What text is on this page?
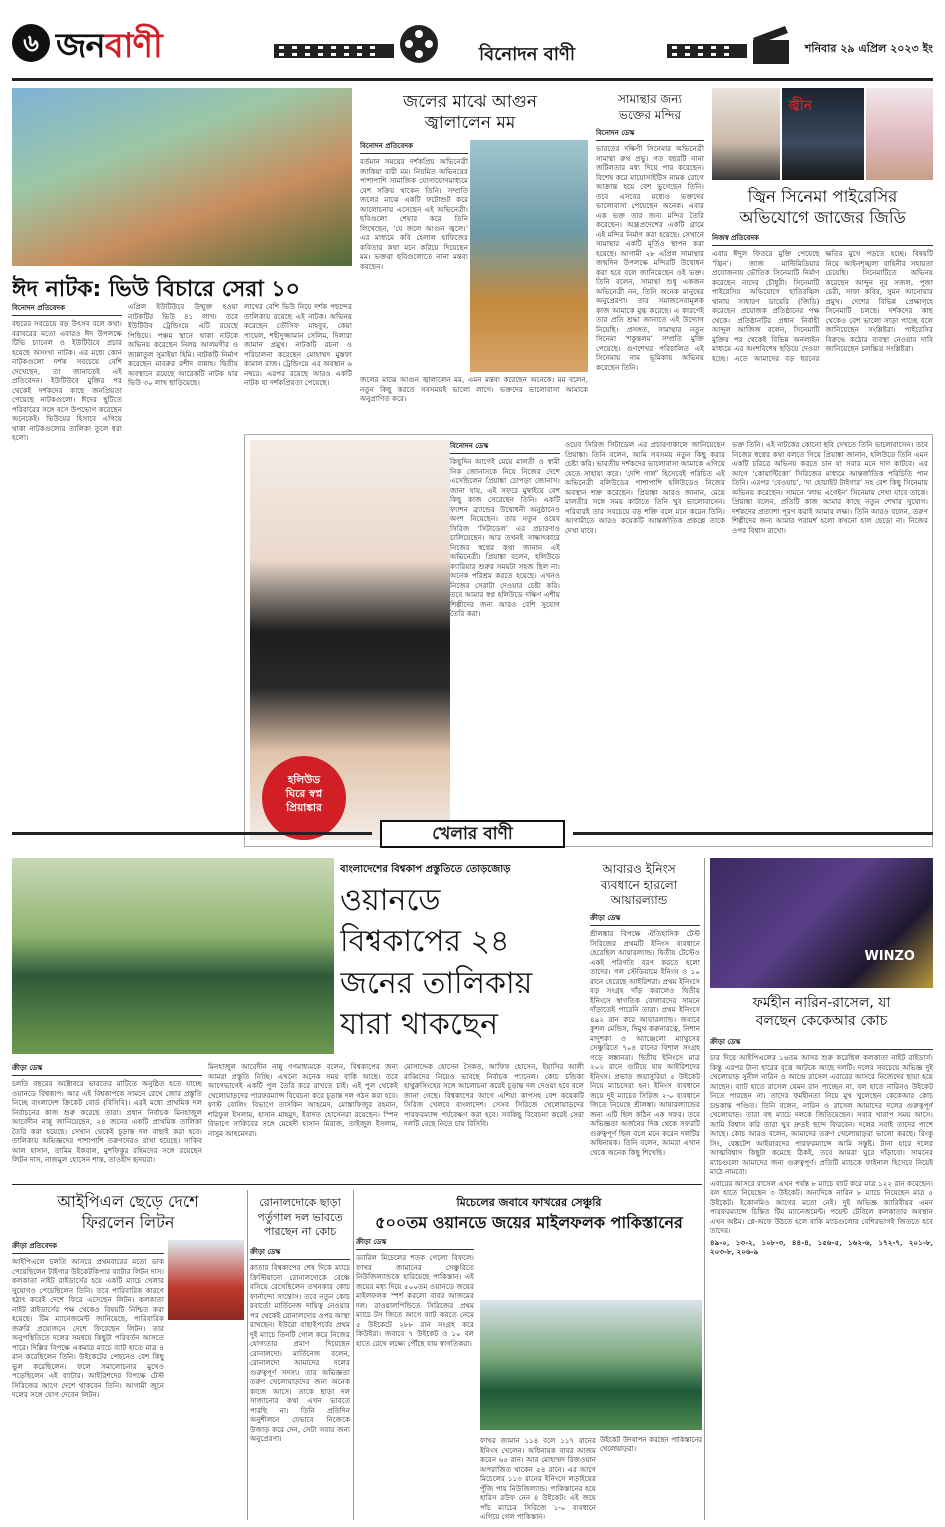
৬ জনবাণী	বিনোদন বাণী	শনিবার ২৯ এপ্রিল ২০২৩ ইং
ঈদ নাটক: ভিউ বিচারে সেরা ১০
বিনোদন প্রতিবেদক
বছরের সবচেয়ে বড় উৎসব বলে কথা। বরাবরের মতো এবারও ঈদ উপলক্ষে টিভি চ্যানেল ও ইউটিউবে প্রচার হয়েছে অসংখ্য নাটক। এর মধ্যে কোন নাটকগুলো দর্শক সবচেয়ে বেশি দেখেছেন, তা জানাতেই এই প্রতিবেদন। ইউটিউবে মুক্তির পর থেকেই দর্শকদের কাছে জনপ্রিয়তা পেয়েছে নাটকগুলো। ঈদের ছুটিতে পরিবারের সঙ্গে বসে উপভোগ করেছেন অনেকেই। ভিউয়ের হিসাবে এগিয়ে থাকা নাটকগুলোর তালিকা তুলে ধরা হলো।
এপ্রিল ইউটিউবে উন্মুক্ত হওয়া নাটকটির ভিউ ৪১ লাখ। তবে ইউটিউব ট্রেন্ডিংয়ে এটি রয়েছে পিছিয়ে। পঞ্চম স্থানে থাকা নাটকে অভিনয় করেছেন নিলয় আলমগীর ও জান্নাতুল সুমাইয়া হিমি। নাটকটি নির্মাণ করেছেন মাবরুর রশীদ বান্নাহ। দ্বিতীয় অবস্থানে রয়েছে আরেকটি নাটক যার ভিউ ৩০ লাখ ছাড়িয়েছে।
লাখের বেশি ভিউ নিয়ে দর্শক পছন্দের তালিকায় রয়েছে এই নাটক। অভিনয় করেছেন তৌসিফ মাহবুব, কেয়া পায়েল, শহীদুজ্জামান সেলিম, দিলারা জামান প্রমুখ। নাটকটি রচনা ও পরিচালনা করেছেন মোহাম্মদ মুস্তফা কামাল রাজ। ট্রেন্ডিংয়ে এর অবস্থান ৬ নম্বরে। এরপর রয়েছে আরও একটি নাটক যা দর্শকপ্রিয়তা পেয়েছে।
জলের মাঝে আগুন
জ্বালালেন মম
বিনোদন প্রতিবেদক
বর্তমান সময়ের দর্শকপ্রিয় অভিনেত্রী জাকিয়া বারী মম। নিয়মিত অভিনয়ের পাশাপাশি সামাজিক যোগাযোগমাধ্যমে বেশ সক্রিয় থাকেন তিনি। সম্প্রতি জলের মাঝে একটি ফটোশুট করে আলোচনায় এসেছেন এই অভিনেত্রী। ছবিগুলো শেয়ার করে তিনি লিখেছেন, ‘যে জলে আগুন জ্বলে।’ এর মাধ্যমে কবি হেলাল হাফিজের কবিতার কথা মনে করিয়ে দিয়েছেন মম। ভক্তরা ছবিগুলোতে নানা মন্তব্য করছেন।
জলের মাঝে আগুন জ্বালালেন মম, এমন মন্তব্য করেছেন অনেকে। মম বলেন, নতুন কিছু করতে সবসময়ই ভালো লাগে। ভক্তদের ভালোবাসা আমাকে অনুপ্রাণিত করে।
সামান্থার জন্য
ভক্তের মন্দির
বিনোদন ডেস্ক
ভারতের দক্ষিণী সিনেমার অভিনেত্রী সামান্থা রুথ প্রভু। গত বছরটি নানা জটিলতার মধ্য দিয়ে পার করেছেন। বিশেষ করে মায়োসাইটিস নামক রোগে আক্রান্ত হয়ে বেশ ভুগেছেন তিনি। তবে এসবের মধ্যেও ভক্তদের ভালোবাসা পেয়েছেন অনেক। এবার এক ভক্ত তার জন্য মন্দির তৈরি করেছেন। অন্ধ্রপ্রদেশের একটি গ্রামে এই মন্দির নির্মাণ করা হয়েছে। সেখানে সামান্থার একটি মূর্তিও স্থাপন করা হয়েছে। আগামী ২৮ এপ্রিল সামান্থার জন্মদিন উপলক্ষে মন্দিরটি উদ্বোধন করা হবে বলে জানিয়েছেন ওই ভক্ত। তিনি বলেন, সামান্থা শুধু একজন অভিনেত্রী নন, তিনি অনেক মানুষের অনুপ্রেরণা। তার সমাজসেবামূলক কাজ আমাকে মুগ্ধ করেছে। এ কারণেই তার প্রতি শ্রদ্ধা জানাতে এই উদ্যোগ নিয়েছি। প্রসঙ্গত, সামান্থার নতুন সিনেমা ‘শকুন্তলম’ সম্প্রতি মুক্তি পেয়েছে। গুণশেখর পরিচালিত এই সিনেমায় নাম ভূমিকায় অভিনয় করেছেন তিনি।
জ্বীন
জ্বিন সিনেমা পাইরেসির
অভিযোগে জাজের জিডি
নিজস্ব প্রতিবেদক
এবার ঈদুল ফিতরে মুক্তি পেয়েছে ‘জ্বিন’। জাজ মাল্টিমিডিয়ার প্রযোজনায় ভৌতিক সিনেমাটি নির্মাণ করেছেন নাদের চৌধুরী। সিনেমাটি পাইরেসির অভিযোগে হাতিরঝিল থানায় সাধারণ ডায়েরি (জিডি) করেছেন প্রযোজক প্রতিষ্ঠানের পক্ষ থেকে। প্রতিষ্ঠানটির প্রধান নির্বাহী আব্দুল আজিজ বলেন, সিনেমাটি মুক্তির পর থেকেই বিভিন্ন অনলাইন মাধ্যমে এর অংশবিশেষ ছড়িয়ে দেওয়া হচ্ছে। এতে আমাদের বড় ধরনের ক্ষতির মুখে পড়তে হচ্ছে। বিষয়টি নিয়ে আইনশৃঙ্খলা বাহিনীর সহায়তা চেয়েছি। সিনেমাটিতে অভিনয় করেছেন আব্দুন নূর সজল, পূজা চেরী, সাফা কবির, সুমন আনোয়ার প্রমুখ। দেশের বিভিন্ন প্রেক্ষাগৃহে সিনেমাটি চলছে। দর্শকদের কাছ থেকেও বেশ ভালো সাড়া পাচ্ছে বলে জানিয়েছেন সংশ্লিষ্টরা। পাইরেসির বিরুদ্ধে কঠোর ব্যবস্থা নেওয়ার দাবি জানিয়েছেন চলচ্চিত্র সংশ্লিষ্টরা।
হলিউড
ঘিরে স্বপ্ন
প্রিয়াঙ্কার
বিনোদন ডেস্ক
কিছুদিন আগেই মেয়ে মালতী ও স্বামী নিক জোনাসকে নিয়ে নিজের দেশে এসেছিলেন প্রিয়াঙ্কা চোপড়া জোনাস। জানা যায়, এই সফরে মুম্বাইয়ে বেশ কিছু কাজ সেরেছেন তিনি। একটি ফ্যাশন ব্র্যান্ডের উদ্বোধনী অনুষ্ঠানেও অংশ নিয়েছেন। তার নতুন ওয়েব সিরিজ ‘সিটাডেল’ এর প্রচারণাও চালিয়েছেন। আর তখনই সাক্ষাৎকারে নিজের স্বপ্নের কথা জানান এই অভিনেত্রী। প্রিয়াঙ্কা বলেন, হলিউডে ক্যারিয়ার শুরুর সময়টা সহজ ছিল না। অনেক পরিশ্রম করতে হয়েছে। এখনও নিজের সেরাটা দেওয়ার চেষ্টা করি। তবে আমার স্বপ্ন হলিউডে দক্ষিণ এশীয় শিল্পীদের জন্য আরও বেশি সুযোগ তৈরি করা।
ওয়েব সিরিজ সিটাডেল এর প্রচারণাকালে জানিয়েছেন প্রিয়াঙ্কা। তিনি বলেন, আমি সবসময় নতুন কিছু করার চেষ্টা করি। ভারতীয় দর্শকদের ভালোবাসা আমাকে এগিয়ে যেতে সাহায্য করে। ‘দেশি গার্ল’ হিসেবেই পরিচিত এই অভিনেত্রী বলিউডের পাশাপাশি হলিউডেও নিজের অবস্থান শক্ত করেছেন। প্রিয়াঙ্কা আরও জানান, মেয়ে মালতীর সঙ্গে সময় কাটাতে তিনি খুব ভালোবাসেন। পরিবারই তার সবচেয়ে বড় শক্তি বলে মনে করেন তিনি। আগামীতে আরও কয়েকটি আন্তর্জাতিক প্রকল্পে তাকে দেখা যাবে।
ভক্ত তিনি। এই নাটকের কোনো ছবি দেখতে তিনি ভালোবাসেন। তবে নিজের স্বপ্নের কথা বলতে গিয়ে প্রিয়াঙ্কা জানান, হলিউডে তিনি এমন একটি চরিত্রে অভিনয় করতে চান যা সবার মনে দাগ কাটবে। এর আগে ‘কোয়ান্টিকো’ সিরিজের মাধ্যমে আন্তর্জাতিক পরিচিতি পান তিনি। এরপর ‘বেওয়াচ’, ‘দ্য হোয়াইট টাইগার’ সহ বেশ কিছু সিনেমায় অভিনয় করেছেন। সামনে ‘লাভ এগেইন’ সিনেমায় দেখা যাবে তাকে। প্রিয়াঙ্কা বলেন, প্রতিটি কাজ আমার কাছে নতুন শেখার সুযোগ। দর্শকদের প্রত্যাশা পূরণ করাই আমার লক্ষ্য। তিনি আরও বলেন, তরুণ শিল্পীদের জন্য আমার পরামর্শ হলো কখনো হাল ছেড়ো না। নিজের ওপর বিশ্বাস রাখো।
খেলার বাণী
বাংলাদেশের বিশ্বকাপ প্রস্তুতিতে তোড়জোড়
ওয়ানডে বিশ্বকাপের ২৪ জনের তালিকায় যারা থাকছেন
ক্রীড়া ডেস্ক
চলতি বছরের অক্টোবরে ভারতের মাটিতে অনুষ্ঠিত হতে যাচ্ছে ওয়ানডে বিশ্বকাপ। আর এই বিশ্বকাপকে সামনে রেখে জোর প্রস্তুতি নিচ্ছে বাংলাদেশ ক্রিকেট বোর্ড (বিসিবি)। এরই মধ্যে প্রাথমিক দল নির্বাচনের কাজ শুরু করেছে তারা। প্রধান নির্বাচক মিনহাজুল আবেদীন নান্নু জানিয়েছেন, ২৪ জনের একটি প্রাথমিক তালিকা তৈরি করা হয়েছে। সেখান থেকেই চূড়ান্ত দল বাছাই করা হবে। তালিকায় অভিজ্ঞদের পাশাপাশি তরুণদেরও রাখা হয়েছে। সাকিব আল হাসান, তামিম ইকবাল, মুশফিকুর রহিমদের সঙ্গে রয়েছেন লিটন দাস, নাজমুল হোসেন শান্ত, তাওহীদ হৃদয়রা।
মিনহাজুল আবেদীন নান্নু গণমাধ্যমকে বলেন, বিশ্বকাপের জন্য আমরা প্রস্তুতি নিচ্ছি। এখনো অনেক সময় বাকি আছে। তবে আগেভাগেই একটি পুল তৈরি করে রাখতে চাই। এই পুল থেকেই খেলোয়াড়দের পারফরম্যান্স বিবেচনা করে চূড়ান্ত দল গঠন করা হবে। ফাস্ট বোলিং বিভাগে তাসকিন আহমেদ, মোস্তাফিজুর রহমান, শরিফুল ইসলাম, হাসান মাহমুদ, ইবাদত হোসেনরা রয়েছেন। স্পিন বিভাগে সাকিবের সঙ্গে মেহেদী হাসান মিরাজ, তাইজুল ইসলাম, নাসুম আহমেদরা।
মোসাদ্দেক হোসেন সৈকত, আফিফ হোসেন, ইয়াসির আলী রাব্বিদের নিয়েও ভাবছে নির্বাচক প্যানেল। কোচ চন্ডিকা হাথুরুসিংহের সঙ্গে আলোচনা করেই চূড়ান্ত দল দেওয়া হবে বলে জানা গেছে। বিশ্বকাপের আগে এশিয়া কাপসহ বেশ কয়েকটি সিরিজ খেলবে বাংলাদেশ। সেসব সিরিজে খেলোয়াড়দের পারফরম্যান্স পর্যবেক্ষণ করা হবে। সবকিছু বিবেচনা করেই সেরা দলটি বেছে নিতে চায় বিসিবি।
আবারও ইনিংস
ব্যবধানে হারলো
আয়ারল্যান্ড
ক্রীড়া ডেস্ক
শ্রীলঙ্কার বিপক্ষে ঐতিহাসিক টেস্ট সিরিজের প্রথমটি ইনিংস ব্যবধানে হেরেছিল আয়ারল্যান্ড। দ্বিতীয় টেস্টেও একই পরিণতি বরণ করতে হলো তাদের। গল স্টেডিয়ামে ইনিংস ও ১০ রানে হেরেছে আইরিশরা। প্রথম ইনিংসে বড় সংগ্রহ দাঁড় করালেও দ্বিতীয় ইনিংসে স্বাগতিক বোলারদের সামনে দাঁড়াতেই পারেনি তারা। প্রথম ইনিংসে ৪৯২ রান করে আয়ারল্যান্ড। জবাবে কুশল মেন্ডিস, দিমুথ করুনারত্নে, নিশান মাদুশকা ও অ্যাঞ্জেলো ম্যাথুসের সেঞ্চুরিতে ৭০৪ রানের বিশাল সংগ্রহ গড়ে লঙ্কানরা। দ্বিতীয় ইনিংসে মাত্র ২০২ রানে গুটিয়ে যায় আইরিশদের ইনিংস। প্রভাত জয়াসুরিয়া ৫ উইকেট নিয়ে ম্যাচসেরা হন। ইনিংস ব্যবধানে জয়ে দুই ম্যাচের সিরিজ ২-০ ব্যবধানে জিতে নিয়েছে শ্রীলঙ্কা। আয়ারল্যান্ডের জন্য এটি ছিল কঠিন এক সফর। তবে অভিজ্ঞতা অর্জনের দিক থেকে সফরটি গুরুত্বপূর্ণ ছিল বলে মনে করেন দলটির অধিনায়ক। তিনি বলেন, আমরা এখান থেকে অনেক কিছু শিখেছি।
WINZO
ফর্মহীন নারিন-রাসেল, যা
বলছেন কেকেআর কোচ
ক্রীড়া ডেস্ক
চার দিয়ে আইপিএলের ১৬তম আসর শুরু করেছিল কলকাতা নাইট রাইডার্স। কিন্তু এরপর টানা হারের বৃত্তে আটকে আছে দলটি। দলের সবচেয়ে অভিজ্ঞ দুই খেলোয়াড় সুনীল নারিন ও আন্দ্রে রাসেল এবারের আসরে নিজেদের ছায়া হয়ে আছেন। ব্যাট হাতে রাসেল যেমন রান পাচ্ছেন না, বল হাতে নারিনও উইকেট নিতে পারছেন না। তাদের ফর্মহীনতা নিয়ে মুখ খুলেছেন কেকেআর কোচ চন্দ্রকান্ত পণ্ডিত। তিনি বলেন, নারিন ও রাসেল আমাদের দলের গুরুত্বপূর্ণ খেলোয়াড়। তারা বহু ম্যাচে দলকে জিতিয়েছেন। সবার খারাপ সময় আসে। আমি বিশ্বাস করি তারা খুব দ্রুতই ছন্দে ফিরবেন। দলের সবাই তাদের পাশে আছে। কোচ আরও বলেন, আমাদের তরুণ খেলোয়াড়রা ভালো করছে। রিংকু সিং, বেঙ্কটেশ আইয়ারদের পারফরম্যান্সে আমি সন্তুষ্ট। টানা হারে দলের আত্মবিশ্বাস কিছুটা কমেছে ঠিকই, তবে আমরা ঘুরে দাঁড়াবো। সামনের ম্যাচগুলো আমাদের জন্য গুরুত্বপূর্ণ। প্রতিটি ম্যাচকে ফাইনাল হিসেবে নিয়েই মাঠে নামবো।
এবারের আসরে রাসেল এখন পর্যন্ত ৮ ম্যাচে ব্যাট করে মাত্র ১২২ রান করেছেন। বল হাতে নিয়েছেন ৩ উইকেট। অন্যদিকে নারিন ৮ ম্যাচে নিয়েছেন মাত্র ৫ উইকেট। ইকোনমিও আগের মতো নেই। দুই অভিজ্ঞ ক্যারিবীয়র এমন পারফরম্যান্সে চিন্তিত টিম ম্যানেজমেন্ট। পয়েন্ট টেবিলে কলকাতার অবস্থান এখন অষ্টম। প্লে-অফে উঠতে হলে বাকি ম্যাচগুলোর বেশিরভাগই জিততে হবে তাদের।
৪৯-০, ১৩-২, ১০৮-৩, ৪৪-৪, ১৫৬-৫, ১৬২-৬, ১৭২-৭, ২০১-৮, ২০৩-৮, ২০৬-৯
আইপিএল ছেড়ে দেশে
ফিরলেন লিটন
ক্রীড়া প্রতিবেদক
আইপিএলে চলতি আসরে প্রথমবারের মতো ডাক পেয়েছিলেন টাইগার উইকেটকিপার ব্যাটার লিটন দাস। কলকাতা নাইট রাইডার্সের হয়ে একটি ম্যাচে খেলার সুযোগও পেয়েছিলেন তিনি। তবে পারিবারিক কারণে হঠাৎ করেই দেশে ফিরে এসেছেন লিটন। কলকাতা নাইট রাইডার্সের পক্ষ থেকেও বিষয়টি নিশ্চিত করা হয়েছে। টিম ম্যানেজমেন্ট জানিয়েছে, পারিবারিক জরুরি প্রয়োজনে দেশে ফিরেছেন লিটন। তার অনুপস্থিতিতে দলের সমন্বয়ে কিছুটা পরিবর্তন আসতে পারে। দিল্লির বিপক্ষে একমাত্র ম্যাচে ব্যাট হাতে মাত্র ৪ রান করেছিলেন তিনি। উইকেটের পেছনেও বেশ কিছু ভুল করেছিলেন। ফলে সমালোচনার মুখেও পড়েছিলেন এই ব্যাটার। আইরিশদের বিপক্ষে টেস্ট সিরিজের আগে দেশে থাকবেন তিনি। আগামী জুনে দলের সঙ্গে যোগ দেবেন লিটন।
রোনালদোকে ছাড়া
পর্তুগাল দল ভাবতে
পারছেন না কোচ
ক্রীড়া ডেস্ক
কাতার বিশ্বকাপের শেষ দিকে ম্যাচে ক্রিস্টিয়ানো রোনালদোকে বেঞ্চে বসিয়ে রেখেছিলেন তখনকার কোচ ফার্নান্দো সান্তোস। তবে নতুন কোচ রবার্তো মার্তিনেজ দায়িত্ব নেওয়ার পর থেকেই রোনালদোর ওপর আস্থা রাখছেন। ইউরো বাছাইপর্বের প্রথম দুই ম্যাচে তিনটি গোল করে নিজের যোগ্যতার প্রমাণ দিয়েছেন রোনালদো। মার্তিনেজ বলেন, রোনালদো আমাদের দলের গুরুত্বপূর্ণ সদস্য। তার অভিজ্ঞতা তরুণ খেলোয়াড়দের জন্য অনেক কাজে আসে। তাকে ছাড়া দল সাজানোর কথা এখন ভাবতে পারছি না। তিনি প্রতিদিন অনুশীলনে যেভাবে নিজেকে উজাড় করে দেন, সেটা সবার জন্য অনুপ্রেরণা।
মিচেলের জবাবে ফাখরের সেঞ্চুরি
৫০০তম ওয়ানডে জয়ের মাইলফলক পাকিস্তানের
ক্রীড়া ডেস্ক
ড্যারিল মিচেলের শতক গেলো বিফলে। ফাখর জামানের সেঞ্চুরিতে নিউজিল্যান্ডকে হারিয়েছে পাকিস্তান। এই জয়ের মধ্য দিয়ে ৫০০তম ওয়ানডে জয়ের মাইলফলক স্পর্শ করলো বাবর আজমের দল। রাওয়ালপিন্ডিতে সিরিজের প্রথম ম্যাচে টস জিতে আগে ব্যাট করতে নেমে ৫ উইকেটে ২৮৮ রান সংগ্রহ করে কিউইরা। জবাবে ৭ উইকেট ও ১০ বল হাতে রেখে লক্ষ্যে পৌঁছে যায় স্বাগতিকরা।
উইকেট উদযাপন করছেন পাকিস্তানের খেলোয়াড়রা।
ফাখর জামান ১১৪ বলে ১১৭ রানের ইনিংস খেলেন। অধিনায়ক বাবর আজম করেন ৬৫ রান। আর মোহাম্মদ রিজওয়ান অপরাজিত থাকেন ৫৪ রানে। এর আগে মিচেলের ১১৩ রানের ইনিংসে লড়াইয়ের পুঁজি পায় নিউজিল্যান্ড। পাকিস্তানের হয়ে হারিস রউফ নেন ৪ উইকেট। এই জয়ে পাঁচ ম্যাচের সিরিজে ১-০ ব্যবধানে এগিয়ে গেল পাকিস্তান।
